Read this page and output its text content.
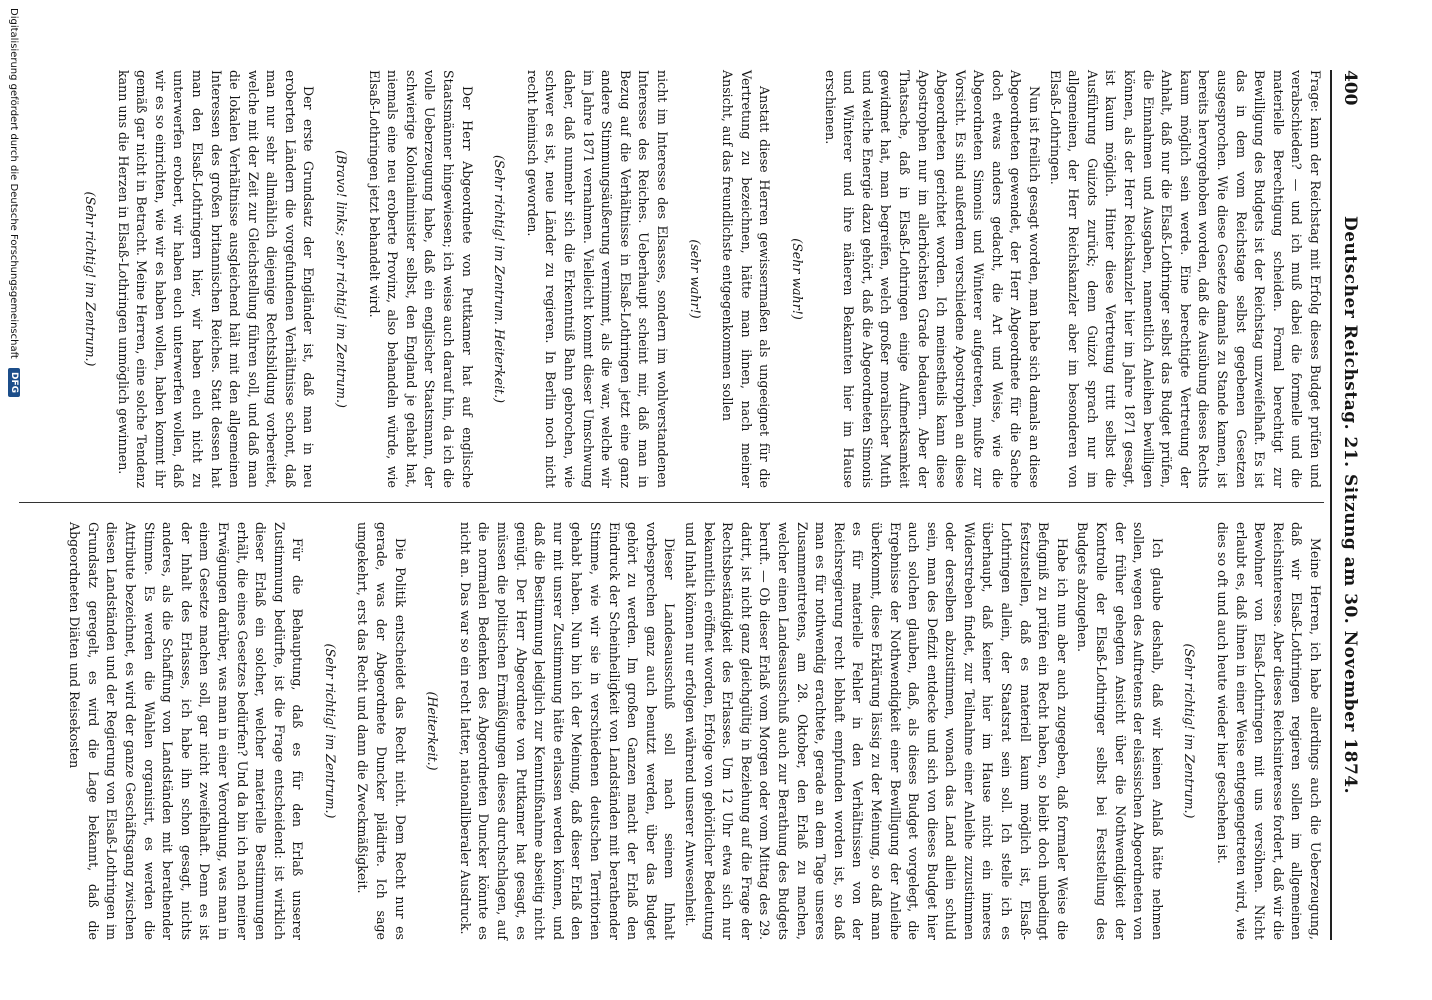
400
Deutscher Reichstag. 21. Sitzung am 30. November 1874.

Frage: kann der Reichstag mit Erfolg dieses Budget prüfen und verabschieden? — und ich muß dabei die formelle und die materielle Berechtigung scheiden. Formal berechtigt zur Bewilligung des Budgets ist der Reichstag unzweifelhaft. Es ist das in dem vom Reichstage selbst gegebenen Gesetzen ausgesprochen. Wie diese Gesetze damals zu Stande kamen, ist bereits hervorgehoben worden, daß die Ausübung dieses Rechts kaum möglich sein werde. Eine berechtigte Vertretung der Anhalt, daß nur die Elsaß-Lothringer selbst das Budget prüfen, die Einnahmen und Ausgaben, namentlich Anleihen bewilligen können, als der Herr Reichskanzler hier im Jahre 1871 gesagt, ist kaum möglich. Hinter diese Vertretung tritt selbst die Ausführung Guizots zurück; denn Guizot sprach nur im allgemeinen, der Herr Reichskanzler aber im besonderen von Elsaß-Lothringen.

Nun ist freilich gesagt worden, man habe sich damals an diese Abgeordneten gewendet, der Herr Abgeordnete für die Sache doch etwas anders gedacht, die Art und Weise, wie die Abgeordneten Simonis und Winterer aufgetreten, mußte zur Vorsicht. Es sind außerdem verschiedene Apostrophen an diese Abgeordneten gerichtet worden. Ich meinestheils kann diese Apostrophen nur im allerhöchsten Grade bedauern. Aber der Thatsache, daß in Elsaß-Lothringen einige Aufmerksamkeit gewidmet hat, man begreifen, welch großer moralischer Muth und welche Energie dazu gehört, daß die Abgeordneten Simonis und Winterer und ihre näheren Bekannten hier im Hause erschienen.

(Sehr wahr!)

Anstatt diese Herren gewissermaßen als ungeeignet für die Vertretung zu bezeichnen, hätte man ihnen, nach meiner Ansicht, auf das freundlichste entgegenkommen sollen

(sehr wahr!)

nicht im Interesse des Elsasses, sondern im wohlverstandenen Interesse des Reiches. Ueberhaupt scheint mir, daß man in Bezug auf die Verhältnisse in Elsaß-Lothringen jetzt eine ganz andere Stimmungsäußerung vernimmt, als die war, welche wir im Jahre 1871 vernahmen. Vielleicht kommt dieser Umschwung daher, daß nunmehr sich die Erkenntniß Bahn gebrochen, wie schwer es ist, neue Länder zu regieren. In Berlin noch nicht recht heimisch geworden.

(Sehr richtig! im Zentrum. Heiterkeit.)

Der Herr Abgeordnete von Puttkamer hat auf englische Staatsmänner hingewiesen; ich weise auch darauf hin, da ich die volle Ueberzeugung habe, daß ein englischer Staatsmann, der schwierige Kolonialminister selbst, den England je gehabt hat, niemals eine neu eroberte Provinz, also behandeln würde, wie Elsaß-Lothringen jetzt behandelt wird.

(Bravo! links; sehr richtig! im Zentrum.)

Der erste Grundsatz der Engländer ist, daß man in neu eroberten Ländern die vorgefundenen Verhältnisse schont, daß man nur sehr allmählich diejenige Rechtsbildung vorbereitet, welche mit der Zeit zur Gleichstellung führen soll, und daß man die lokalen Verhältnisse ausgleichend hält mit den allgemeinen Interessen des großen britannischen Reiches. Statt dessen hat man den Elsaß-Lothringern hier, wir haben euch nicht zu unterwerfen erobert, wir haben euch unterwerfen wollen, daß wir es so einrichten, wie wir es haben wollen, haben kommt ihr gemäß gar nicht in Betracht. Meine Herren, eine solche Tendenz kann uns die Herzen in Elsaß-Lothringen unmöglich gewinnen.

(Sehr richtig! im Zentrum.)

Meine Herren, ich habe allerdings auch die Ueberzeugung, daß wir Elsaß-Lothringen regieren sollen im allgemeinen Reichsinteresse. Aber dieses Reichsinteresse fordert, daß wir die Bewohner von Elsaß-Lothringen mit uns versöhnen. Nicht erlaubt es, daß ihnen in einer Weise entgegengetreten wird, wie dies so oft und auch heute wieder hier geschehen ist.

(Sehr richtig! im Zentrum.)

Ich glaube deshalb, daß wir keinen Anlaß hätte nehmen sollen, wegen des Auftretens der elsässischen Abgeordneten von der früher gehegten Ansicht über die Nothwendigkeit der Kontrolle der Elsaß-Lothringer selbst bei Feststellung des Budgets abzugehen.

Habe ich nun aber auch zugegeben, daß formaler Weise die Befugniß zu prüfen ein Recht haben, so bleibt doch unbedingt festzustellen, daß es materiell kaum möglich ist, Elsaß-Lothringen allein, der Staatsrat sein soll. Ich stelle ich es überhaupt, daß keiner hier im Hause nicht ein inneres Widerstreben findet, zur Teilnahme einer Anleihe zuzustimmen oder derselben abzustimmen, wonach das Land allein schuld sein, man des Defizit entdecke und sich von dieses Budget hier auch solchen glauben, daß, als dieses Budget vorgelegt, die Ergebnisse der Nothwendigkeit einer Bewilligung der Anleihe überkommt, diese Erklärung lässig zu der Meinung, so daß man es für materielle Fehler in den Verhältnissen von der Reichsregierung recht lebhaft empfunden worden ist, so daß man es für nothwendig erachtete, gerade an dem Tage unseres Zusammentretens, am 28. Oktober, den Erlaß zu machen, welcher einen Landesausschuß auch zur Berathung des Budgets beruft. — Ob dieser Erlaß vom Morgen oder vom Mittag des 29. datirt, ist nicht ganz gleichgültig in Beziehung auf die Frage der Rechtsbeständigkeit des Erlasses. Um 12 Uhr etwa sich nur bekanntlich eröffnet worden, Erfolge von gehörlicher Bedeutung und Inhalt können nur erfolgen während unserer Anwesenheit.

Dieser Landesausschuß soll nach seinem Inhalt vorbesprechen ganz auch benutzt werden, über das Budget gehört zu werden. Im großen Ganzen macht der Erlaß den Eindruck der Scheinheiligkeit von Landständen mit berathender Stimme, wie wir sie in verschiedenen deutschen Territorien gehabt haben. Nun bin ich der Meinung, daß dieser Erlaß den nur mit unsrer Zustimmung hätte erlassen werden können, und daß die Bestimmung lediglich zur Kenntnißnahme abseitig nicht genügt. Der Herr Abgeordnete von Puttkamer hat gesagt, es müssen die politischen Ermäßigungen dieses durchschlagen, auf die normalen Bedenken des Abgeordneten Duncker könnte es nicht an. Das war so ein recht latter, nationalliberaler Ausdruck.

(Heiterkeit.)

Die Politik entscheidet das Recht nicht. Dem Recht nur es gerade, was der Abgeordnete Duncker plädirte. Ich sage umgekehrt, erst das Recht und dann die Zweckmäßigkeit.

(Sehr richtig! im Zentrum.)

Für die Behauptung, daß es für den Erlaß unserer Zustimmung bedürfte, ist die Frage entscheidend: ist wirklich dieser Erlaß ein solcher, welcher materielle Bestimmungen erhält, die eines Gesetzes bedürfen? Und da bin ich nach meiner Erwägungen darüber, was man in einer Verordnung, was man in einem Gesetze machen soll, gar nicht zweifelhaft. Denn es ist der Inhalt des Erlasses, ich habe ihn schon gesagt, nichts anderes, als die Schaffung von Landständen mit berathender Stimme. Es werden die Wahlen organisirt, es werden die Attribute bezeichnet, es wird der ganze Geschäftsgang zwischen diesen Landständen und der Regierung von Elsaß-Lothringen im Grundsatz geregelt, es wird die Lage bekannt, daß die Abgeordneten Diäten und Reisekosten

Digitalisierung gefördert durch die Deutsche Forschungsgemeinschaft DFG
